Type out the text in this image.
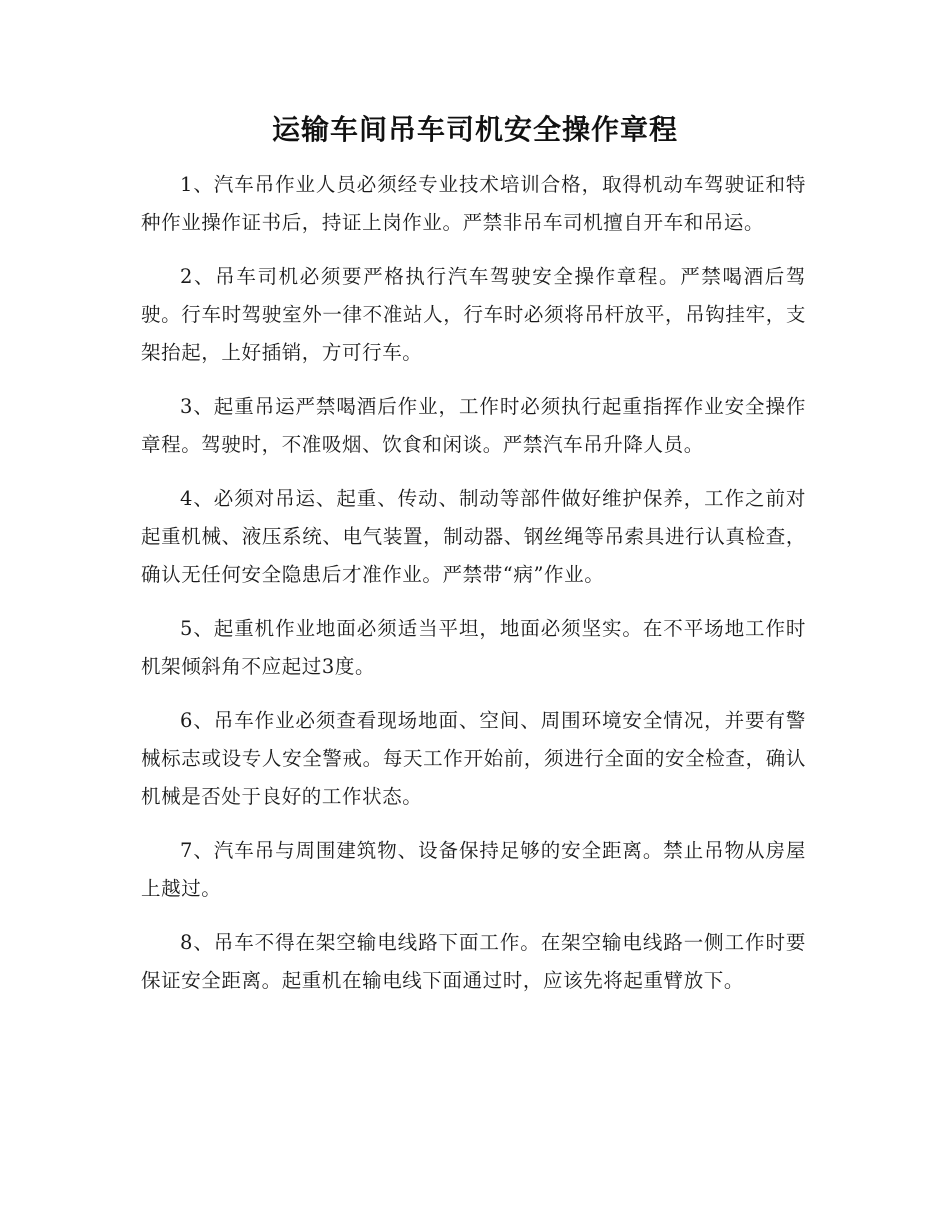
运输车间吊车司机安全操作章程

1、汽车吊作业人员必须经专业技术培训合格，取得机动车驾驶证和特种作业操作证书后，持证上岗作业。严禁非吊车司机擅自开车和吊运。

2、吊车司机必须要严格执行汽车驾驶安全操作章程。严禁喝酒后驾驶。行车时驾驶室外一律不准站人，行车时必须将吊杆放平，吊钩挂牢，支架抬起，上好插销，方可行车。

3、起重吊运严禁喝酒后作业，工作时必须执行起重指挥作业安全操作章程。驾驶时，不准吸烟、饮食和闲谈。严禁汽车吊升降人员。

4、必须对吊运、起重、传动、制动等部件做好维护保养，工作之前对起重机械、液压系统、电气装置，制动器、钢丝绳等吊索具进行认真检查，确认无任何安全隐患后才准作业。严禁带“病”作业。

5、起重机作业地面必须适当平坦，地面必须坚实。在不平场地工作时机架倾斜角不应起过3度。

6、吊车作业必须查看现场地面、空间、周围环境安全情况，并要有警械标志或设专人安全警戒。每天工作开始前，须进行全面的安全检查，确认机械是否处于良好的工作状态。

7、汽车吊与周围建筑物、设备保持足够的安全距离。禁止吊物从房屋上越过。

8、吊车不得在架空输电线路下面工作。在架空输电线路一侧工作时要保证安全距离。起重机在输电线下面通过时，应该先将起重臂放下。
